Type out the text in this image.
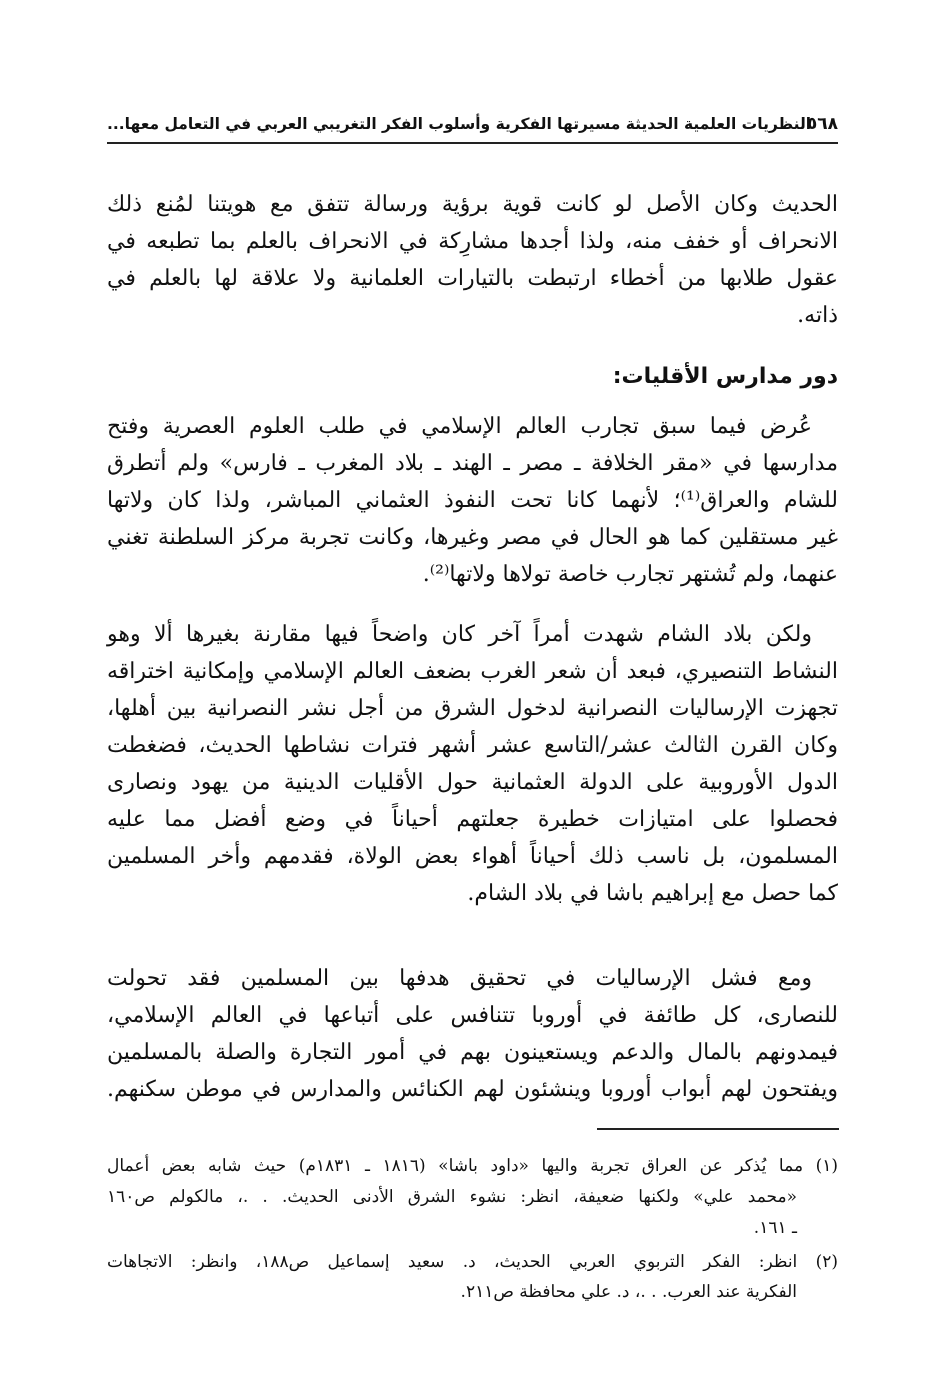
٥٦٨
النظريات العلمية الحديثة مسيرتها الفكرية وأسلوب الفكر التغريبي العربي في التعامل معها...
الحديث وكان الأصل لو كانت قوية برؤية ورسالة تتفق مع هويتنا لمُنع ذلك
الانحراف أو خفف منه، ولذا أجدها مشارِكة في الانحراف بالعلم بما تطبعه في
عقول طلابها من أخطاء ارتبطت بالتيارات العلمانية ولا علاقة لها بالعلم في
ذاته.
دور مدارس الأقليات:
عُرض فيما سبق تجارب العالم الإسلامي في طلب العلوم العصرية وفتح
مدارسها في «مقر الخلافة ـ مصر ـ الهند ـ بلاد المغرب ـ فارس» ولم أتطرق
للشام والعراق⁽¹⁾؛ لأنهما كانا تحت النفوذ العثماني المباشر، ولذا كان ولاتها
غير مستقلين كما هو الحال في مصر وغيرها، وكانت تجربة مركز السلطنة تغني
عنهما، ولم تُشتهر تجارب خاصة تولاها ولاتها⁽²⁾.
ولكن بلاد الشام شهدت أمراً آخر كان واضحاً فيها مقارنة بغيرها ألا وهو
النشاط التنصيري، فبعد أن شعر الغرب بضعف العالم الإسلامي وإمكانية اختراقه
تجهزت الإرساليات النصرانية لدخول الشرق من أجل نشر النصرانية بين أهلها،
وكان القرن الثالث عشر/التاسع عشر أشهر فترات نشاطها الحديث، فضغطت
الدول الأوروبية على الدولة العثمانية حول الأقليات الدينية من يهود ونصارى
فحصلوا على امتيازات خطيرة جعلتهم أحياناً في وضع أفضل مما عليه
المسلمون، بل ناسب ذلك أحياناً أهواء بعض الولاة، فقدمهم وأخر المسلمين
كما حصل مع إبراهيم باشا في بلاد الشام.
ومع فشل الإرساليات في تحقيق هدفها بين المسلمين فقد تحولت
للنصارى، كل طائفة في أوروبا تتنافس على أتباعها في العالم الإسلامي،
فيمدونهم بالمال والدعم ويستعينون بهم في أمور التجارة والصلة بالمسلمين
ويفتحون لهم أبواب أوروبا وينشئون لهم الكنائس والمدارس في موطن سكنهم.
(١) مما يُذكر عن العراق تجربة واليها «داود باشا» (١٨١٦ ـ ١٨٣١م) حيث شابه بعض أعمال
«محمد علي» ولكنها ضعيفة، انظر: نشوء الشرق الأدنى الحديث. . .، مالكولم ص١٦٠
ـ ١٦١.
(٢) انظر: الفكر التربوي العربي الحديث، د. سعيد إسماعيل ص١٨٨، وانظر: الاتجاهات
الفكرية عند العرب. . .، د. علي محافظة ص٢١١.
